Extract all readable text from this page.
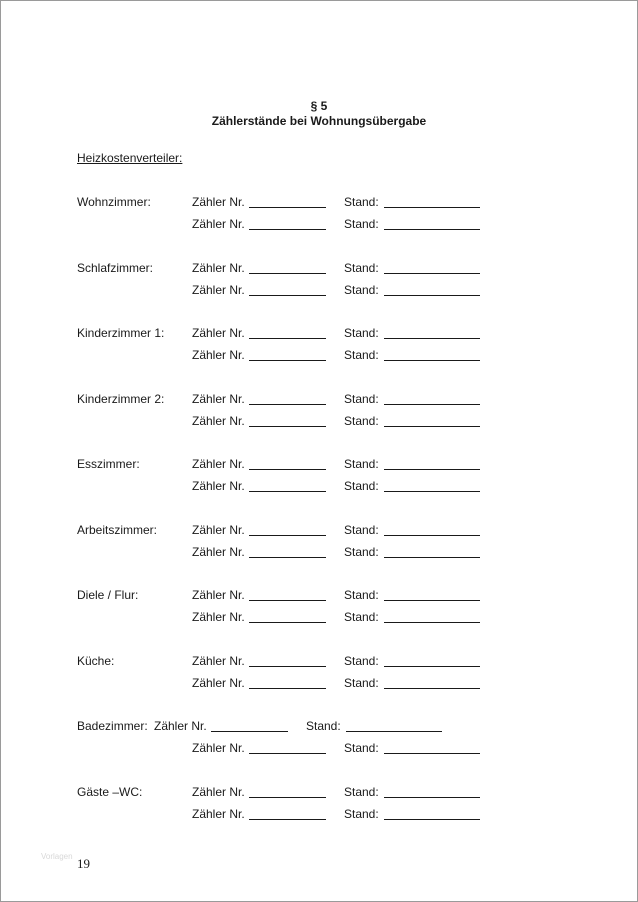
§ 5
Zählerstände bei Wohnungsübergabe
Heizkostenverteiler:
Wohnzimmer:	Zähler Nr.	Stand:
Zähler Nr.	Stand:
Schlafzimmer:	Zähler Nr.	Stand:
Zähler Nr.	Stand:
Kinderzimmer 1: Zähler Nr.	Stand:
Zähler Nr.	Stand:
Kinderzimmer 2: Zähler Nr.	Stand:
Zähler Nr.	Stand:
Esszimmer:	Zähler Nr.	Stand:
Zähler Nr.	Stand:
Arbeitszimmer:	Zähler Nr.	Stand:
Zähler Nr.	Stand:
Diele / Flur:	Zähler Nr.	Stand:
Zähler Nr.	Stand:
Küche:	Zähler Nr.	Stand:
Zähler Nr.	Stand:
Badezimmer: Zähler Nr.	Stand:
Zähler Nr.	Stand:
Gäste –WC:	Zähler Nr.	Stand:
Zähler Nr.	Stand:
Vorlagen 19
